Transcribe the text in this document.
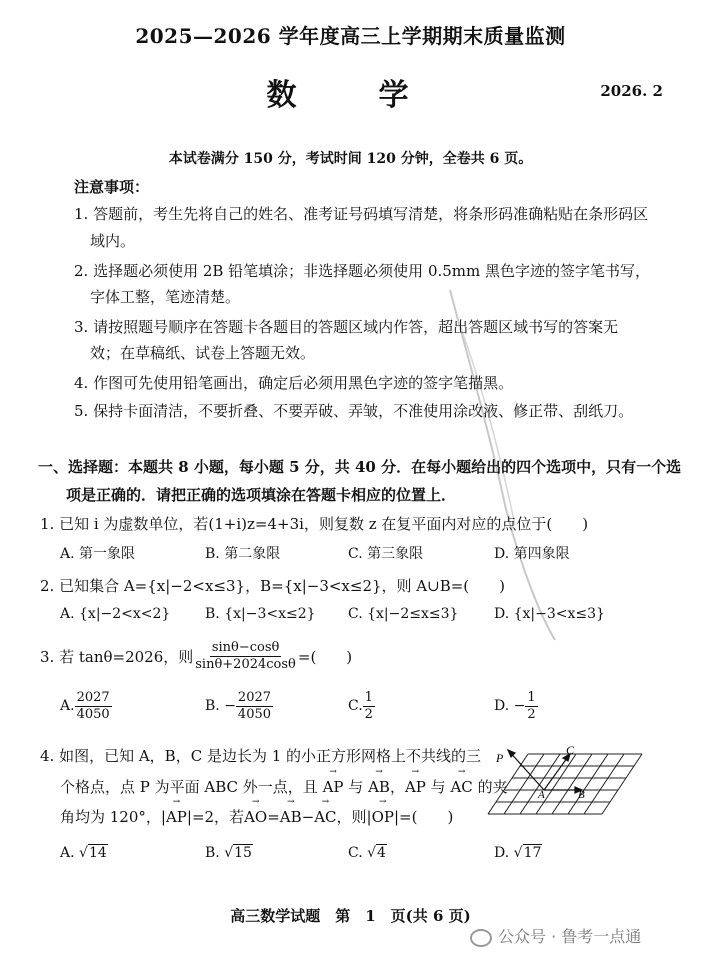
2025—2026 学年度高三上学期期末质量监测
数　学	2026. 2
本试卷满分 150 分，考试时间 120 分钟，全卷共 6 页。
注意事项：
1. 答题前，考生先将自己的姓名、准考证号码填写清楚，将条形码准确粘贴在条形码区
域内。
2. 选择题必须使用 2B 铅笔填涂；非选择题必须使用 0.5mm 黑色字迹的签字笔书写，
字体工整，笔迹清楚。
3. 请按照题号顺序在答题卡各题目的答题区域内作答，超出答题区域书写的答案无
效；在草稿纸、试卷上答题无效。
4. 作图可先使用铅笔画出，确定后必须用黑色字迹的签字笔描黑。
5. 保持卡面清洁，不要折叠、不要弄破、弄皱，不准使用涂改液、修正带、刮纸刀。
一、选择题：本题共 8 小题，每小题 5 分，共 40 分．在每小题给出的四个选项中，只有一个选
项是正确的．请把正确的选项填涂在答题卡相应的位置上．
1. 已知 i 为虚数单位，若(1+i)z=4+3i，则复数 z 在复平面内对应的点位于(　　)
A. 第一象限	B. 第二象限	C. 第三象限	D. 第四象限
2. 已知集合 A={x|−2<x≤3}，B={x|−3<x≤2}，则 A∪B=(　　)
A. {x|−2<x<2} B. {x|−3<x≤2} C. {x|−2≤x≤3}	D. {x|−3<x≤3}
3. 若 tanθ=2026，则 $\frac{\sin\theta-\cos\theta}{\sin\theta+2024\cos\theta}$ =(　　)
A. $\frac{2027}{4050}$	B. − $\frac{2027}{4050}$	C. $\frac{1}{2}$	D. − $\frac{1}{2}$
4. 如图，已知 A，B，C 是边长为 1 的小正方形网格上不共线的三
个格点，点 P 为平面 ABC 外一点，且 → AP 与 → AB，→ AP 与 → AC 的夹
角均为 120°，|→ AP|=2，若→ AO=→ AB−→ AC，则|→ OP|=(　　)
A. √14	B. √15	C. √4	D. √17
P
C
A	B
高三数学试题　第　1　页(共 6 页)
公众号 · 鲁考一点通
